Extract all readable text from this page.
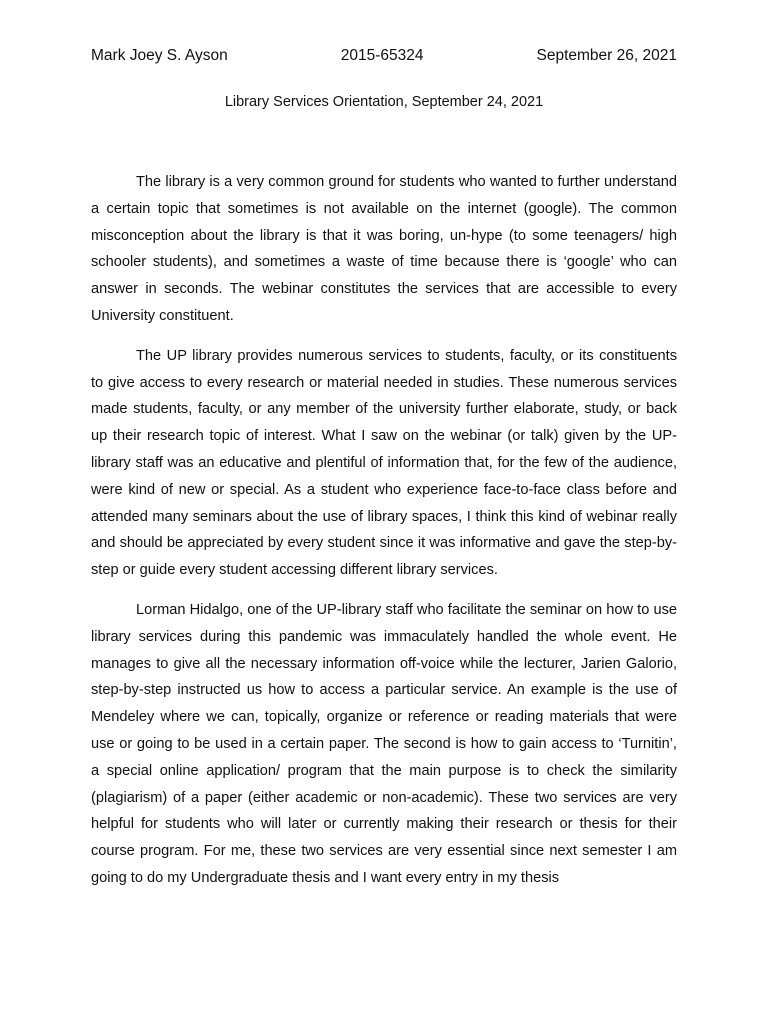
Mark Joey S. Ayson	2015-65324	September 26, 2021
Library Services Orientation, September 24, 2021

The library is a very common ground for students who wanted to further understand a certain topic that sometimes is not available on the internet (google). The common misconception about the library is that it was boring, un-hype (to some teenagers/ high schooler students), and sometimes a waste of time because there is ‘google’ who can answer in seconds. The webinar constitutes the services that are accessible to every University constituent.

The UP library provides numerous services to students, faculty, or its constituents to give access to every research or material needed in studies. These numerous services made students, faculty, or any member of the university further elaborate, study, or back up their research topic of interest. What I saw on the webinar (or talk) given by the UP-library staff was an educative and plentiful of information that, for the few of the audience, were kind of new or special. As a student who experience face-to-face class before and attended many seminars about the use of library spaces, I think this kind of webinar really and should be appreciated by every student since it was informative and gave the step-by-step or guide every student accessing different library services.

Lorman Hidalgo, one of the UP-library staff who facilitate the seminar on how to use library services during this pandemic was immaculately handled the whole event. He manages to give all the necessary information off-voice while the lecturer, Jarien Galorio, step-by-step instructed us how to access a particular service. An example is the use of Mendeley where we can, topically, organize or reference or reading materials that were use or going to be used in a certain paper. The second is how to gain access to ‘Turnitin’, a special online application/ program that the main purpose is to check the similarity (plagiarism) of a paper (either academic or non-academic). These two services are very helpful for students who will later or currently making their research or thesis for their course program. For me, these two services are very essential since next semester I am going to do my Undergraduate thesis and I want every entry in my thesis
